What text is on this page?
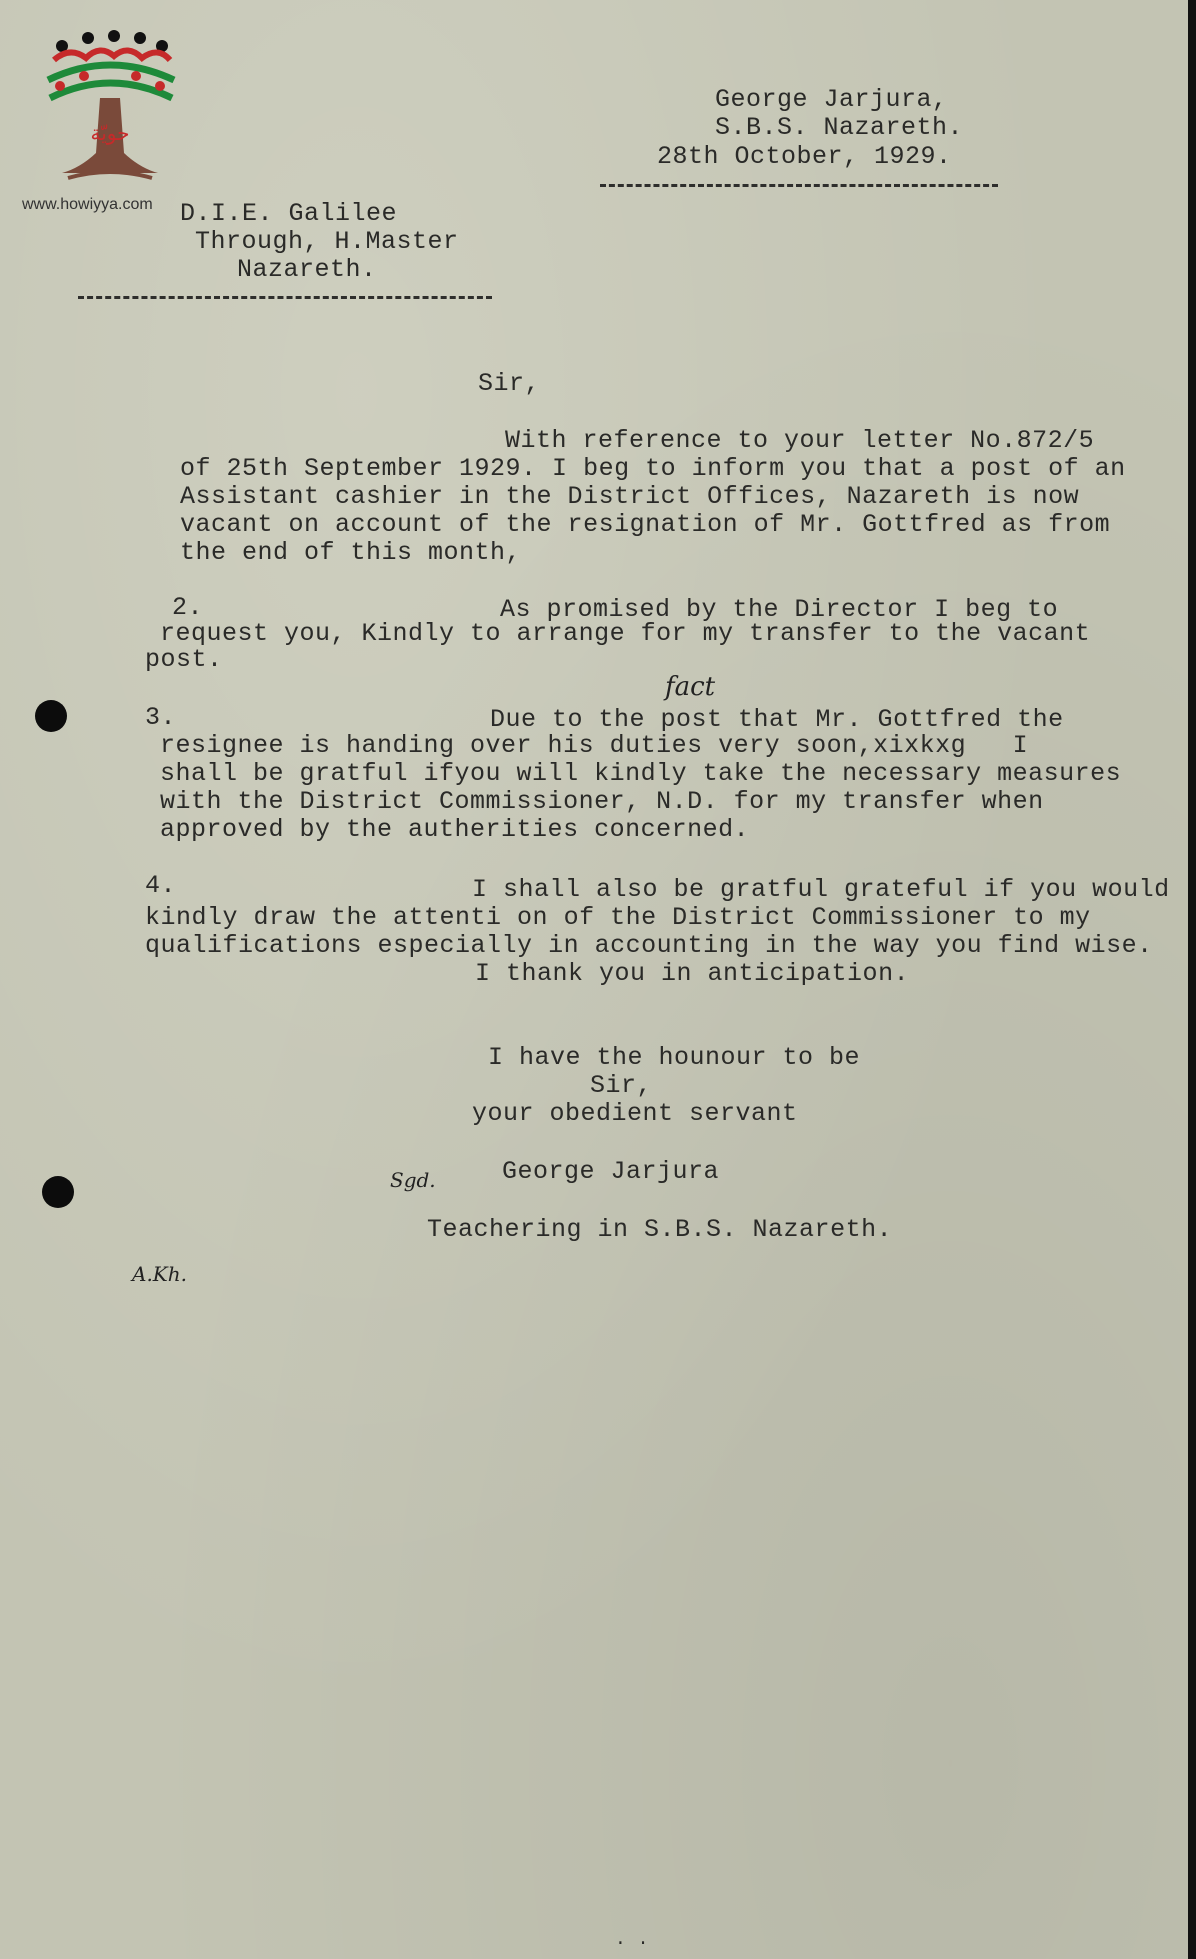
حويّة
www.howiyya.com

George Jarjura,

S.B.S. Nazareth.

28th October, 1929.

D.I.E. Galilee

Through, H.Master

Nazareth.

Sir,

With reference to your letter No.872/5

of 25th September 1929. I beg to inform you that a post of an

Assistant cashier in the District Offices, Nazareth is now

vacant on account of the resignation of Mr. Gottfred as from

the end of this month,

2.	As promised by the Director I beg to

request you, Kindly to arrange for my transfer to the vacant

post.

fact

3.	Due to the post that Mr. Gottfred the

resignee is handing over his duties very soon,xixkxg   I

shall be gratful ifyou will kindly take the necessary measures

with the District Commissioner, N.D. for my transfer when

approved by the autherities concerned.

4.	I shall also be gratful grateful if you would

kindly draw the attenti on of the District Commissioner to my

qualifications especially in accounting in the way you find wise.

I thank you in anticipation.

I have the hounour to be

Sir,

your obedient servant

Sgd.	George Jarjura

Teachering in S.B.S. Nazareth.

A.Kh.
. .
